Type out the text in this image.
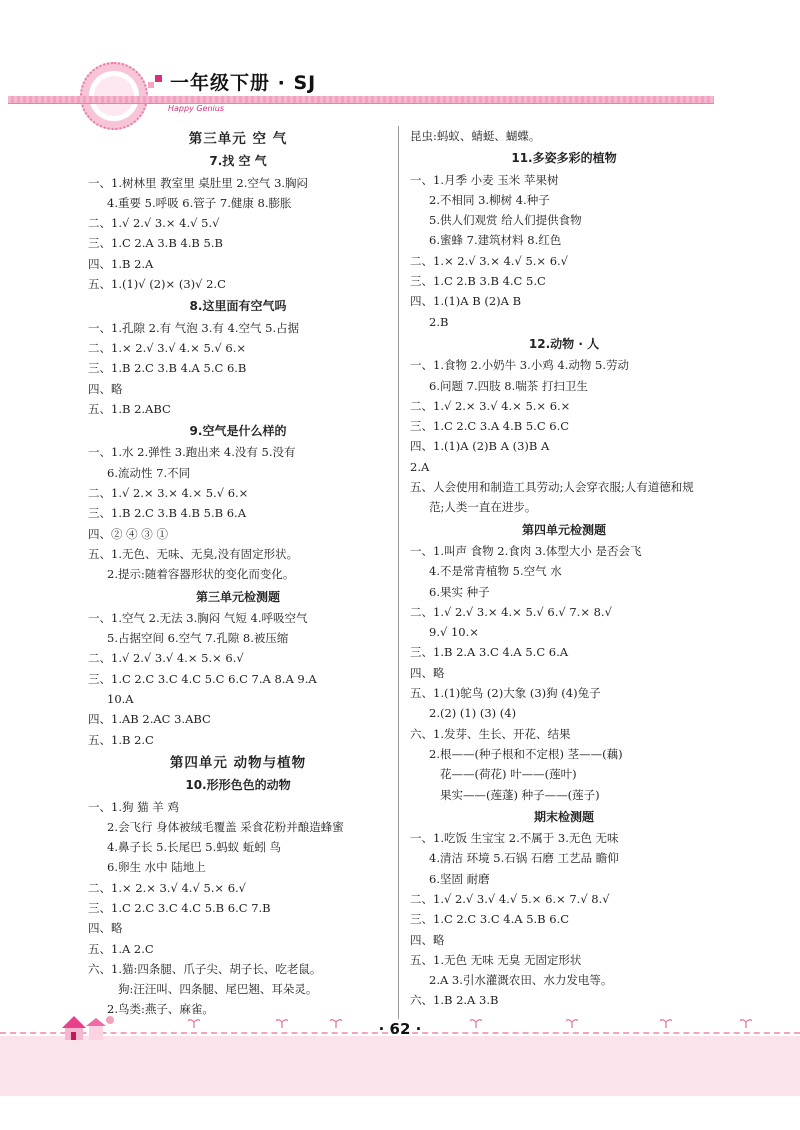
一年级下册 · SJ
Happy Genius
第三单元 空 气
7.找 空 气
一、1.树林里 教室里 桌肚里 2.空气 3.胸闷
4.重要 5.呼吸 6.管子 7.健康 8.膨胀
二、1.√ 2.√ 3.× 4.√ 5.√
三、1.C 2.A 3.B 4.B 5.B
四、1.B 2.A
五、1.(1)√ (2)× (3)√ 2.C
8.这里面有空气吗
一、1.孔隙 2.有 气泡 3.有 4.空气 5.占据
二、1.× 2.√ 3.√ 4.× 5.√ 6.×
三、1.B 2.C 3.B 4.A 5.C 6.B
四、略
五、1.B 2.ABC
9.空气是什么样的
一、1.水 2.弹性 3.跑出来 4.没有 5.没有
6.流动性 7.不同
二、1.√ 2.× 3.× 4.× 5.√ 6.×
三、1.B 2.C 3.B 4.B 5.B 6.A
四、② ④ ③ ①
五、1.无色、无味、无臭,没有固定形状。
2.提示:随着容器形状的变化而变化。
第三单元检测题
一、1.空气 2.无法 3.胸闷 气短 4.呼吸空气
5.占据空间 6.空气 7.孔隙 8.被压缩
二、1.√ 2.√ 3.√ 4.× 5.× 6.√
三、1.C 2.C 3.C 4.C 5.C 6.C 7.A 8.A 9.A
10.A
四、1.AB 2.AC 3.ABC
五、1.B 2.C
第四单元 动物与植物
10.形形色色的动物
一、1.狗 猫 羊 鸡
2.会飞行 身体被绒毛覆盖 采食花粉并酿造蜂蜜
4.鼻子长 5.长尾巴 5.蚂蚁 蚯蚓 鸟
6.卵生 水中 陆地上
二、1.× 2.× 3.√ 4.√ 5.× 6.√
三、1.C 2.C 3.C 4.C 5.B 6.C 7.B
四、略
五、1.A 2.C
六、1.猫:四条腿、爪子尖、胡子长、吃老鼠。
狗:汪汪叫、四条腿、尾巴翘、耳朵灵。
2.鸟类:燕子、麻雀。
昆虫:蚂蚁、蜻蜓、蝴蝶。
11.多姿多彩的植物
一、1.月季 小麦 玉米 苹果树
2.不相同 3.柳树 4.种子
5.供人们观赏 给人们提供食物
6.蜜蜂 7.建筑材料 8.红色
二、1.× 2.√ 3.× 4.√ 5.× 6.√
三、1.C 2.B 3.B 4.C 5.C
四、1.(1)A B (2)A B
2.B
12.动物 · 人
一、1.食物 2.小奶牛 3.小鸡 4.动物 5.劳动
6.问题 7.四肢 8.喘茶 打扫卫生
二、1.√ 2.× 3.√ 4.× 5.× 6.×
三、1.C 2.C 3.A 4.B 5.C 6.C
四、1.(1)A (2)B A (3)B A
2.A
五、人会使用和制造工具劳动;人会穿衣服;人有道德和规
范;人类一直在进步。
第四单元检测题
一、1.叫声 食物 2.食肉 3.体型大小 是否会飞
4.不是常青植物 5.空气 水
6.果实 种子
二、1.√ 2.√ 3.× 4.× 5.√ 6.√ 7.× 8.√
9.√ 10.×
三、1.B 2.A 3.C 4.A 5.C 6.A
四、略
五、1.(1)鸵鸟 (2)大象 (3)狗 (4)兔子
2.(2) (1) (3) (4)
六、1.发芽、生长、开花、结果
2.根——(种子根和不定根) 茎——(藕)
花——(荷花) 叶——(莲叶)
果实——(莲蓬) 种子——(莲子)
期末检测题
一、1.吃饭 生宝宝 2.不属于 3.无色 无味
4.清洁 环境 5.石锅 石磨 工艺品 瞻仰
6.坚固 耐磨
二、1.√ 2.√ 3.√ 4.√ 5.× 6.× 7.√ 8.√
三、1.C 2.C 3.C 4.A 5.B 6.C
四、略
五、1.无色 无味 无臭 无固定形状
2.A 3.引水灌溉农田、水力发电等。
六、1.B 2.A 3.B
· 62 ·
